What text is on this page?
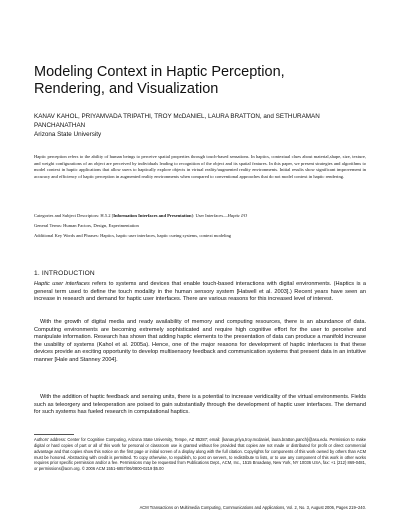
Modeling Context in Haptic Perception, Rendering, and Visualization
KANAV KAHOL, PRIYAMVADA TRIPATHI, TROY McDANIEL, LAURA BRATTON, and SETHURAMAN PANCHANATHAN
Arizona State University

Haptic perception refers to the ability of human beings to perceive spatial properties through touch-based sensations. In haptics, contextual clues about material,shape, size, texture, and weight configurations of an object are perceived by individuals leading to recognition of the object and its spatial features. In this paper, we present strategies and algorithms to model context in haptic applications that allow users to haptically explore objects in virtual reality/augmented reality environments. Initial results show significant improvement in accuracy and efficiency of haptic perception in augmented reality environments when compared to conventional approaches that do not model context in haptic rendering.

Categories and Subject Descriptors: H.5.2 [Information Interfaces and Presentation]: User Interfaces—Haptic I/O

General Terms: Human Factors, Design, Experimentation

Additional Key Words and Phrases: Haptics, haptic user interfaces, haptic cueing systems, context modeling

1. INTRODUCTION

Haptic user interfaces refers to systems and devices that enable touch-based interactions with digital environments. (Haptics is a general term used to define the touch modality in the human sensory system [Hatwell et al. 2003].) Recent years have seen an increase in research and demand for haptic user interfaces. There are various reasons for this increased level of interest.

With the growth of digital media and ready availability of memory and computing resources, there is an abundance of data. Computing environments are becoming extremely sophisticated and require high cognitive effort for the user to perceive and manipulate information. Research has shown that adding haptic elements to the presentation of data can produce a manifold increase the usability of systems (Kahol et al. 2005a). Hence, one of the major reasons for development of haptic interfaces is that these devices provide an exciting opportunity to develop multisensory feedback and communication systems that present data in an intuitive manner [Hale and Stanney 2004].

With the addition of haptic feedback and sensing units, there is a potential to increase veridicality of the virtual environments. Fields such as teleorgery and teleoperation are poised to gain substantially through the development of haptic user interfaces. The demand for such systems has fueled research in computational haptics.

Authors' address: Center for Cognitive Computing, Arizona State University, Tempe, AZ 85287; email: {kanav,priya,troy.mcdaniel, laura.bratton,panch}@asu.edu. Permission to make digital or hard copies of part or all of this work for personal or classroom use is granted without fee provided that copies are not made or distributed for profit or direct commercial advantage and that copies show this notice on the first page or initial screen of a display along with the full citation. Copyrights for components of this work owned by others than ACM must be honored. Abstracting with credit is permitted. To copy otherwise, to republish, to post on servers, to redistribute to lists, or to use any component of this work in other works requires prior specific permission and/or a fee. Permissions may be requested from Publications Dept., ACM, Inc., 1515 Broadway, New York, NY 10036 USA, fax: +1 (212) 869-0481, or permissions@acm.org. © 2006 ACM 1551-6857/06/0800-0219 $5.00

ACM Transactions on Multimedia Computing, Communications and Applications, Vol. 2, No. 3, August 2006, Pages 219–240.
